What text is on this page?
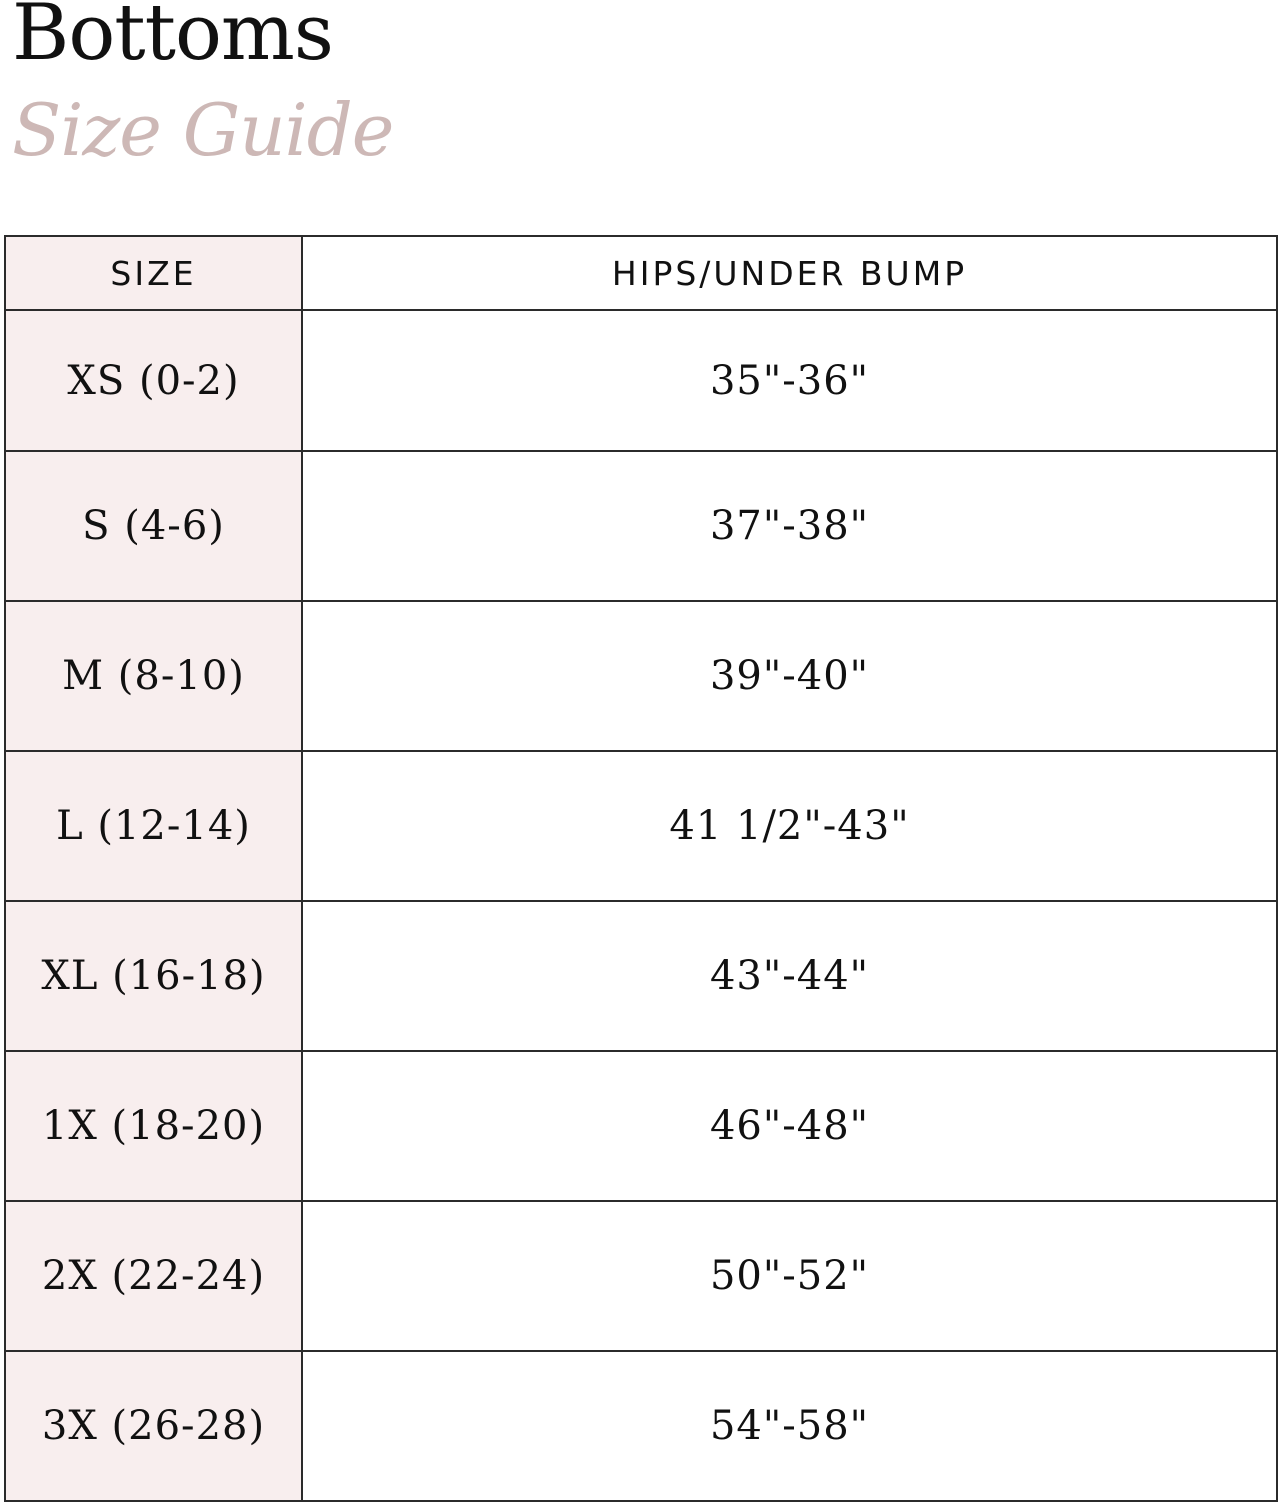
Bottoms
Size Guide
SIZE	HIPS/UNDER BUMP
XS (0-2)	35"-36"
S (4-6)	37"-38"
M (8-10)	39"-40"
L (12-14)	41 1/2"-43"
XL (16-18)	43"-44"
1X (18-20)	46"-48"
2X (22-24)	50"-52"
3X (26-28)	54"-58"
